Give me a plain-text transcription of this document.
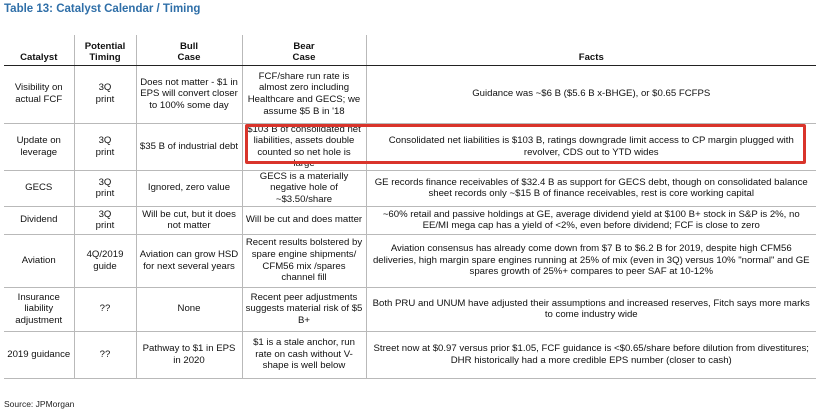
Table 13: Catalyst Calendar / Timing
Catalyst	Potential Timing	Bull Case	Bear Case	Facts
Visibility on actual FCF	3Q print	Does not matter - $1 in EPS will convert closer to 100% some day	FCF/share run rate is almost zero including Healthcare and GECS; we assume $5 B in '18	Guidance was ~$6 B ($5.6 B x-BHGE), or $0.65 FCFPS
Update on leverage	3Q print	$35 B of industrial debt	$103 B of consolidated net liabilities, assets double counted so net hole is large	Consolidated net liabilities is $103 B, ratings downgrade limit access to CP margin plugged with revolver, CDS out to YTD wides
GECS	3Q print	Ignored, zero value	GECS is a materially negative hole of ~$3.50/share	GE records finance receivables of $32.4 B as support for GECS debt, though on consolidated balance sheet records only ~$15 B of finance receivables, rest is core working capital
Dividend	3Q print	Will be cut, but it does not matter	Will be cut and does matter	~60% retail and passive holdings at GE, average dividend yield at $100 B+ stock in S&P is 2%, no EE/MI mega cap has a yield of <2%, even before dividend; FCF is close to zero
Aviation	4Q/2019 guide	Aviation can grow HSD for next several years	Recent results bolstered by spare engine shipments/ CFM56 mix /spares channel fill	Aviation consensus has already come down from $7 B to $6.2 B for 2019, despite high CFM56 deliveries, high margin spare engines running at 25% of mix (even in 3Q) versus 10% "normal" and GE spares growth of 25%+ compares to peer SAF at 10-12%
Insurance liability adjustment	??	None	Recent peer adjustments suggests material risk of $5 B+	Both PRU and UNUM have adjusted their assumptions and increased reserves, Fitch says more marks to come industry wide
2019 guidance	??	Pathway to $1 in EPS in 2020	$1 is a stale anchor, run rate on cash without V-shape is well below	Street now at $0.97 versus prior $1.05, FCF guidance is <$0.65/share before dilution from divestitures; DHR historically had a more credible EPS number (closer to cash)
Source: JPMorgan
